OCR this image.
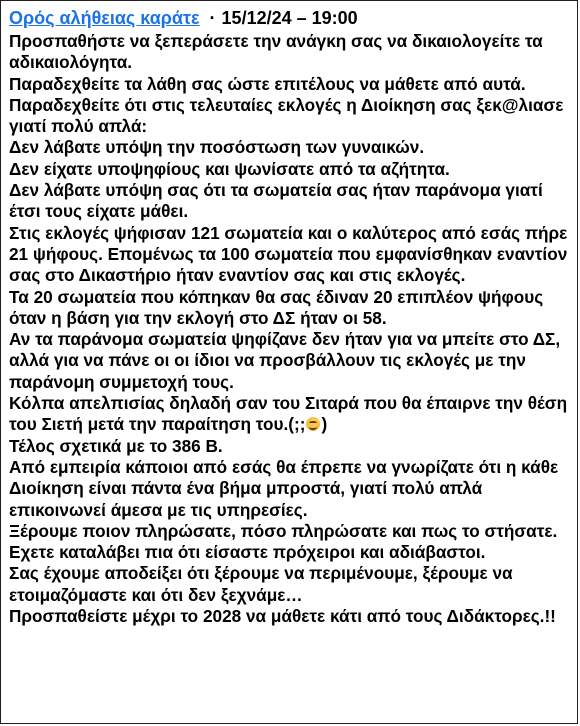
Ορός αλήθειας καράτε · 15/12/24 – 19:00

Προσπαθήστε να ξεπεράσετε την ανάγκη σας να δικαιολογείτε τα αδικαιολόγητα.

Παραδεχθείτε τα λάθη σας ώστε επιτέλους να μάθετε από αυτά.

Παραδεχθείτε ότι στις τελευταίες εκλογές η Διοίκηση σας ξεκ@λιασε γιατί πολύ απλά:

Δεν λάβατε υπόψη την ποσόστωση των γυναικών.

Δεν είχατε υποψηφίους και ψωνίσατε από τα αζήτητα.

Δεν λάβατε υπόψη σας ότι τα σωματεία σας ήταν παράνομα γιατί έτσι τους είχατε μάθει.

Στις εκλογές ψήφισαν 121 σωματεία και ο καλύτερος από εσάς πήρε 21 ψήφους. Επομένως τα 100 σωματεία που εμφανίσθηκαν εναντίον σας στο Δικαστήριο ήταν εναντίον σας και στις εκλογές.

Τα 20 σωματεία που κόπηκαν θα σας έδιναν 20 επιπλέον ψήφους όταν η βάση για την εκλογή στο ΔΣ ήταν οι 58.

Αν τα παράνομα σωματεία ψηφίζανε δεν ήταν για να μπείτε στο ΔΣ, αλλά για να πάνε οι οι ίδιοι να προσβάλλουν τις εκλογές με την παράνομη συμμετοχή τους.

Κόλπα απελπισίας δηλαδή σαν του Σιταρά που θα έπαιρνε την θέση του Σιετή μετά την παραίτηση του.(;; )

Τέλος σχετικά με το 386 Β.

Από εμπειρία κάποιοι από εσάς θα έπρεπε να γνωρίζατε ότι η κάθε Διοίκηση είναι πάντα ένα βήμα μπροστά, γιατί πολύ απλά επικοινωνεί άμεσα με τις υπηρεσίες.

Ξέρουμε ποιον πληρώσατε, πόσο πληρώσατε και πως το στήσατε.

Εχετε καταλάβει πια ότι είσαστε πρόχειροι και αδιάβαστοι.

Σας έχουμε αποδείξει ότι ξέρουμε να περιμένουμε, ξέρουμε να ετοιμαζόμαστε και ότι δεν ξεχνάμε…

Προσπαθείστε μέχρι το 2028 να μάθετε κάτι από τους Διδάκτορες.!!
